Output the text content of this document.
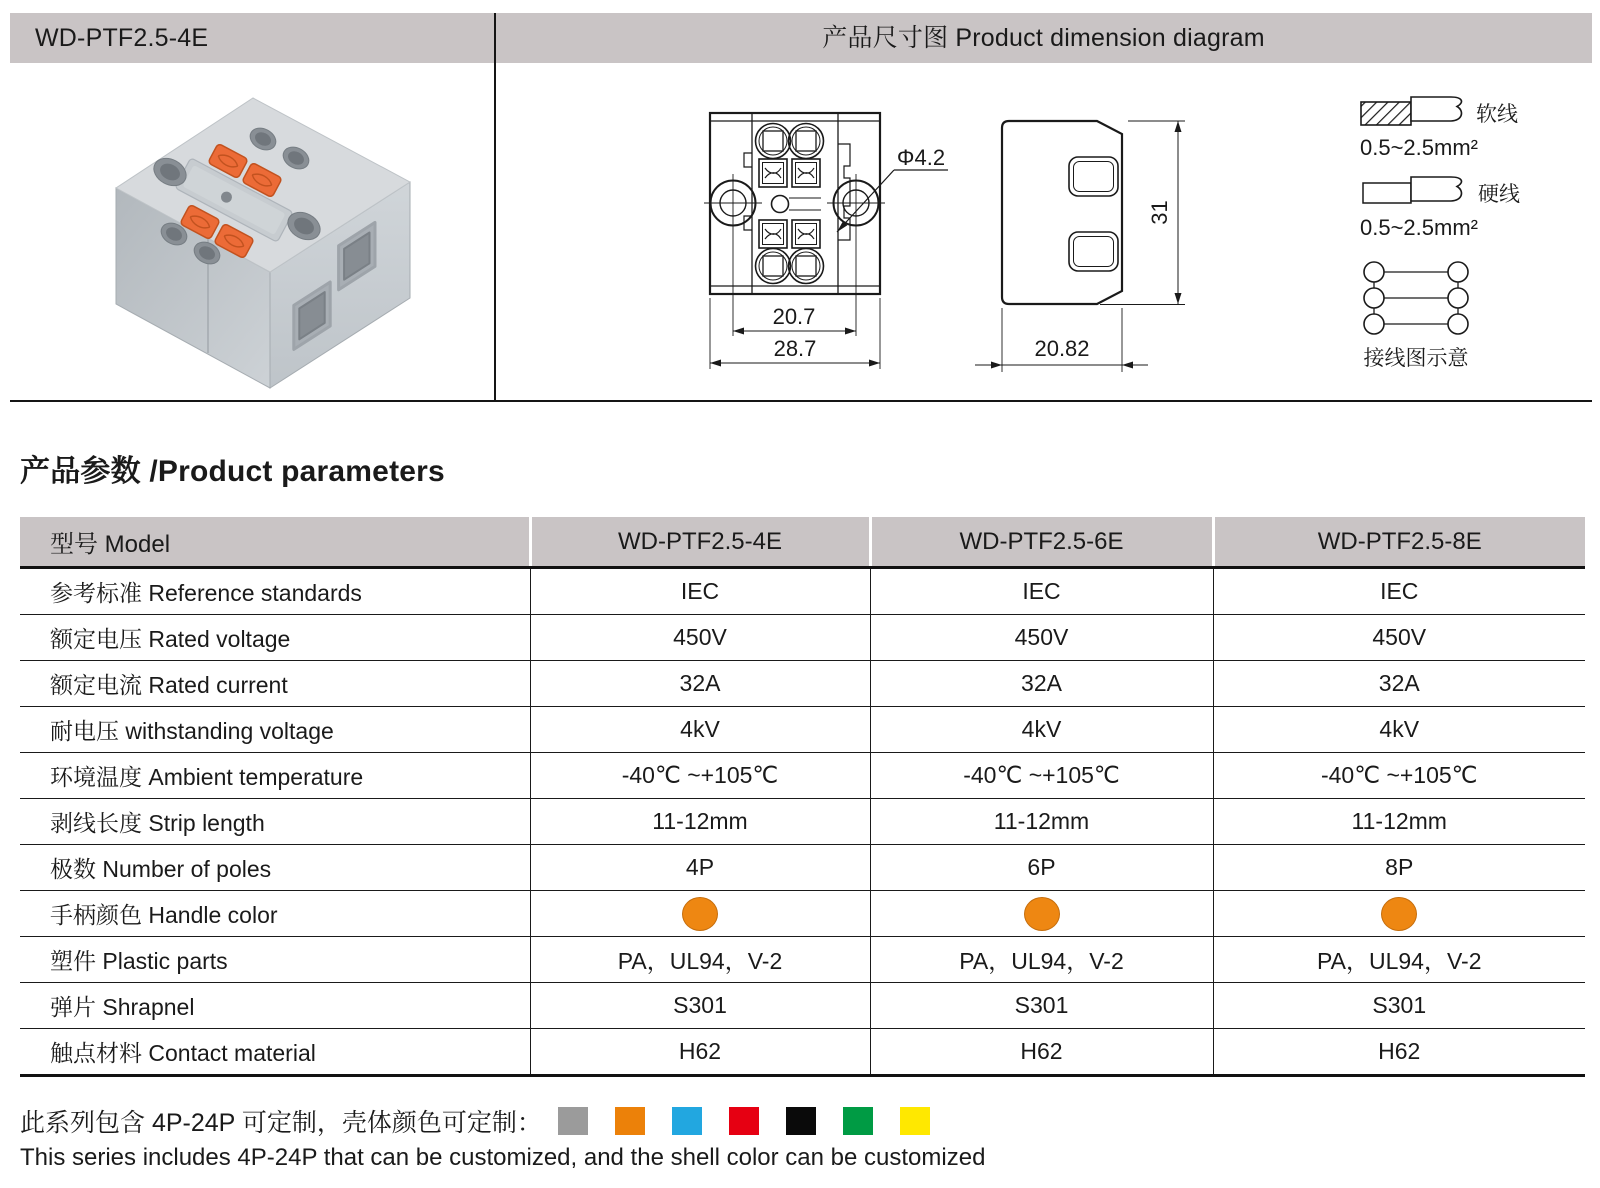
WD-PTF2.5-4E	产品尺寸图 Product dimension diagram
20.7
28.7
Φ4.2
31
20.82
软线
0.5~2.5mm²
硬线
0.5~2.5mm²
接线图示意
产品参数 /Product parameters
型号 Model	WD-PTF2.5-4E	WD-PTF2.5-6E	WD-PTF2.5-8E
参考标准 Reference standards	IEC	IEC	IEC
额定电压 Rated voltage	450V	450V	450V
额定电流 Rated current	32A	32A	32A
耐电压 withstanding voltage	4kV	4kV	4kV
环境温度 Ambient temperature	-40℃ ~+105℃	-40℃ ~+105℃	-40℃ ~+105℃
剥线长度 Strip length	11-12mm	11-12mm	11-12mm
极数 Number of poles	4P	6P	8P
手柄颜色 Handle color			
塑件 Plastic parts	PA，UL94，V-2	PA，UL94，V-2	PA，UL94，V-2
弹片 Shrapnel	S301	S301	S301
触点材料 Contact material	H62	H62	H62
此系列包含 4P-24P 可定制，壳体颜色可定制：
This series includes 4P-24P that can be customized, and the shell color can be customized
